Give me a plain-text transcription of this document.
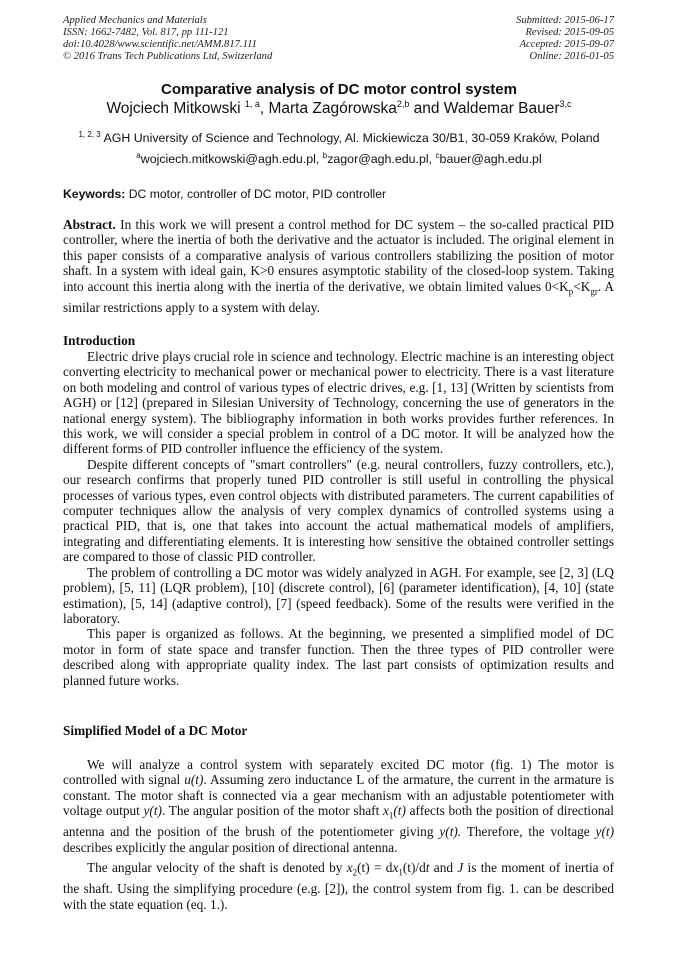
Applied Mechanics and Materials
ISSN: 1662-7482, Vol. 817, pp 111-121
doi:10.4028/www.scientific.net/AMM.817.111
© 2016 Trans Tech Publications Ltd, Switzerland
Submitted: 2015-06-17
Revised: 2015-09-05
Accepted: 2015-09-07
Online: 2016-01-05
Comparative analysis of DC motor control system
Wojciech Mitkowski $^{1, a}$, Marta Zagórowska$^{2,b}$ and Waldemar Bauer$^{3,c}$
$^{1, 2, 3}$ AGH University of Science and Technology, Al. Mickiewicza 30/B1, 30-059 Kraków, Poland
$^a$wojciech.mitkowski@agh.edu.pl, $^b$zagor@agh.edu.pl, $^c$bauer@agh.edu.pl
Keywords: DC motor, controller of DC motor, PID controller

Abstract. In this work we will present a control method for DC system – the so-called practical PID controller, where the inertia of both the derivative and the actuator is included. The original element in this paper consists of a comparative analysis of various controllers stabilizing the position of motor shaft. In a system with ideal gain, K>0 ensures asymptotic stability of the closed-loop system. Taking into account this inertia along with the inertia of the derivative, we obtain limited values $0<K_p<K_{gr}$. A similar restrictions apply to a system with delay.

Introduction

Electric drive plays crucial role in science and technology. Electric machine is an interesting object converting electricity to mechanical power or mechanical power to electricity. There is a vast literature on both modeling and control of various types of electric drives, e.g. [1, 13] (Written by scientists from AGH) or [12] (prepared in Silesian University of Technology, concerning the use of generators in the national energy system). The bibliography information in both works provides further references. In this work, we will consider a special problem in control of a DC motor. It will be analyzed how the different forms of PID controller influence the efficiency of the system.

Despite different concepts of "smart controllers" (e.g. neural controllers, fuzzy controllers, etc.), our research confirms that properly tuned PID controller is still useful in controlling the physical processes of various types, even control objects with distributed parameters. The current capabilities of computer techniques allow the analysis of very complex dynamics of controlled systems using a practical PID, that is, one that takes into account the actual mathematical models of amplifiers, integrating and differentiating elements. It is interesting how sensitive the obtained controller settings are compared to those of classic PID controller.

The problem of controlling a DC motor was widely analyzed in AGH. For example, see [2, 3] (LQ problem), [5, 11] (LQR problem), [10] (discrete control), [6] (parameter identification), [4, 10] (state estimation), [5, 14] (adaptive control), [7] (speed feedback). Some of the results were verified in the laboratory.

This paper is organized as follows. At the beginning, we presented a simplified model of DC motor in form of state space and transfer function. Then the three types of PID controller were described along with appropriate quality index. The last part consists of optimization results and planned future works.

Simplified Model of a DC Motor

We will analyze a control system with separately excited DC motor (fig. 1) The motor is controlled with signal u(t). Assuming zero inductance L of the armature, the current in the armature is constant. The motor shaft is connected via a gear mechanism with an adjustable potentiometer with voltage output y(t). The angular position of the motor shaft $x_1(t)$ affects both the position of directional antenna and the position of the brush of the potentiometer giving y(t). Therefore, the voltage y(t) describes explicitly the angular position of directional antenna.

The angular velocity of the shaft is denoted by $x_2(t) = dx_1(t)/dt$ and J is the moment of inertia of the shaft. Using the simplifying procedure (e.g. [2]), the control system from fig. 1. can be described with the state equation (eq. 1.).
